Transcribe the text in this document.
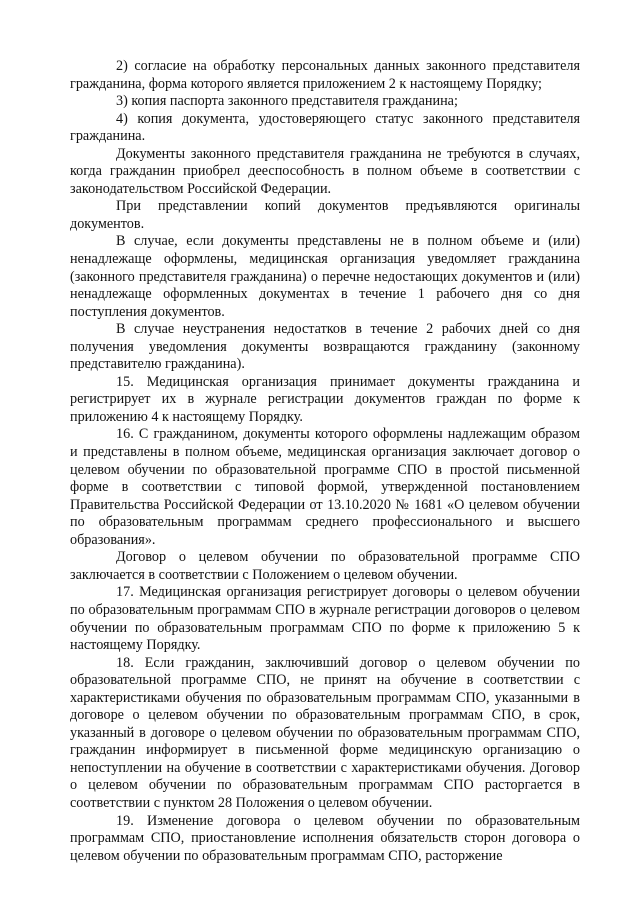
2) согласие на обработку персональных данных законного представителя гражданина, форма которого является приложением 2 к настоящему Порядку;

3) копия паспорта законного представителя гражданина;

4) копия документа, удостоверяющего статус законного представителя гражданина.

Документы законного представителя гражданина не требуются в случаях, когда гражданин приобрел дееспособность в полном объеме в соответствии с законодательством Российской Федерации.

При представлении копий документов предъявляются оригиналы документов.

В случае, если документы представлены не в полном объеме и (или) ненадлежаще оформлены, медицинская организация уведомляет гражданина (законного представителя гражданина) о перечне недостающих документов и (или) ненадлежаще оформленных документах в течение 1 рабочего дня со дня поступления документов.

В случае неустранения недостатков в течение 2 рабочих дней со дня получения уведомления документы возвращаются гражданину (законному представителю гражданина).

15. Медицинская организация принимает документы гражданина и регистрирует их в журнале регистрации документов граждан по форме к приложению 4 к настоящему Порядку.

16. С гражданином, документы которого оформлены надлежащим образом и представлены в полном объеме, медицинская организация заключает договор о целевом обучении по образовательной программе СПО в простой письменной форме в соответствии с типовой формой, утвержденной постановлением Правительства Российской Федерации от 13.10.2020 № 1681 «О целевом обучении по образовательным программам среднего профессионального и высшего образования».

Договор о целевом обучении по образовательной программе СПО заключается в соответствии с Положением о целевом обучении.

17. Медицинская организация регистрирует договоры о целевом обучении по образовательным программам СПО в журнале регистрации договоров о целевом обучении по образовательным программам СПО по форме к приложению 5 к настоящему Порядку.

18. Если гражданин, заключивший договор о целевом обучении по образовательной программе СПО, не принят на обучение в соответствии с характеристиками обучения по образовательным программам СПО, указанными в договоре о целевом обучении по образовательным программам СПО, в срок, указанный в договоре о целевом обучении по образовательным программам СПО, гражданин информирует в письменной форме медицинскую организацию о непоступлении на обучение в соответствии с характеристиками обучения. Договор о целевом обучении по образовательным программам СПО расторгается в соответствии с пунктом 28 Положения о целевом обучении.

19. Изменение договора о целевом обучении по образовательным программам СПО, приостановление исполнения обязательств сторон договора о целевом обучении по образовательным программам СПО, расторжение
